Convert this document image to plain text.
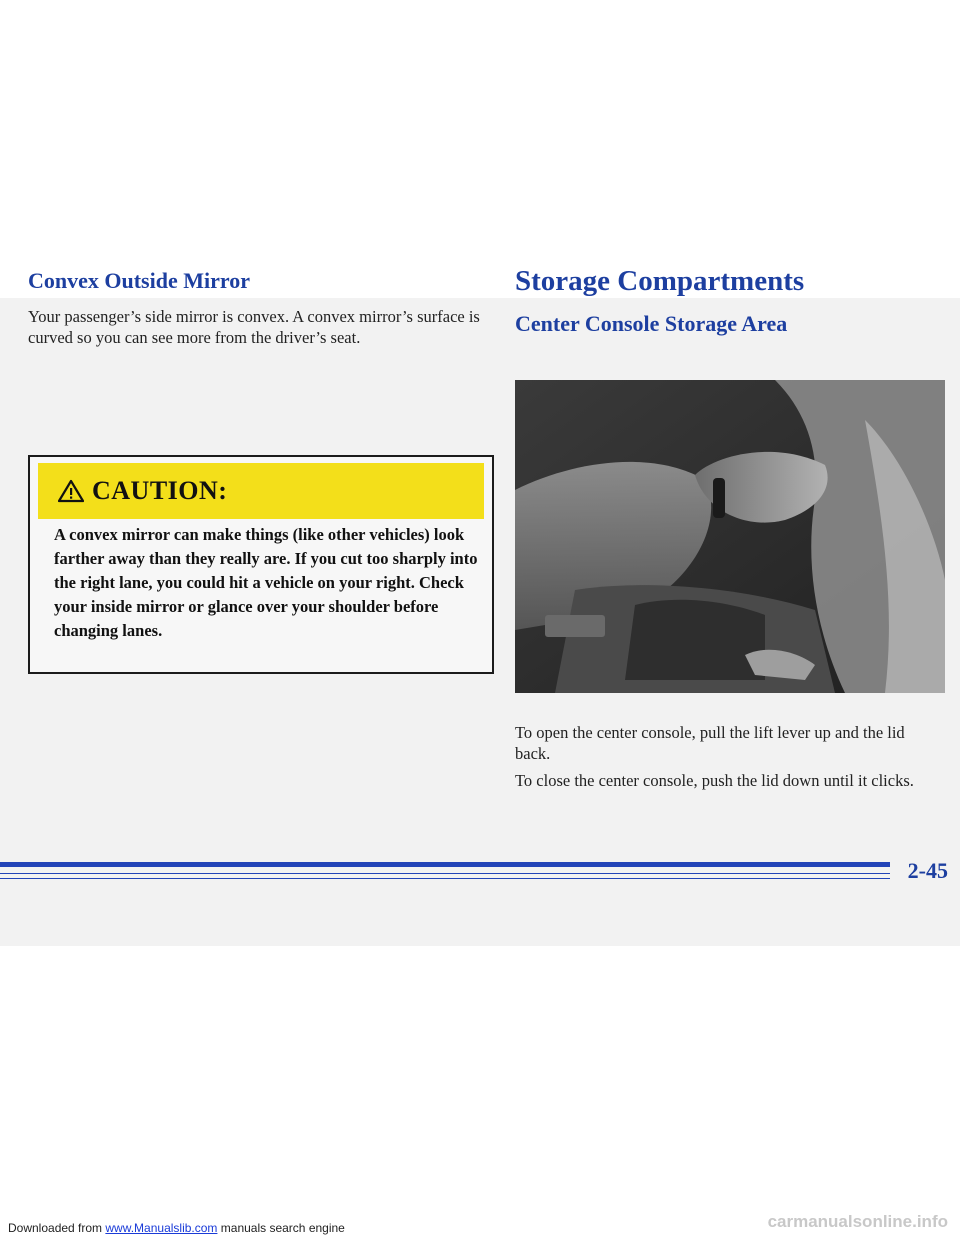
Convex Outside Mirror

Your passenger’s side mirror is convex. A convex mirror’s surface is curved so you can see more from the driver’s seat.

CAUTION:

A convex mirror can make things (like other vehicles) look farther away than they really are. If you cut too sharply into the right lane, you could hit a vehicle on your right. Check your inside mirror or glance over your shoulder before changing lanes.

Storage Compartments
Center Console Storage Area

To open the center console, pull the lift lever up and the lid back.

To close the center console, push the lid down until it clicks.

2-45

Downloaded from www.Manualslib.com manuals search engine	carmanualsonline.info
